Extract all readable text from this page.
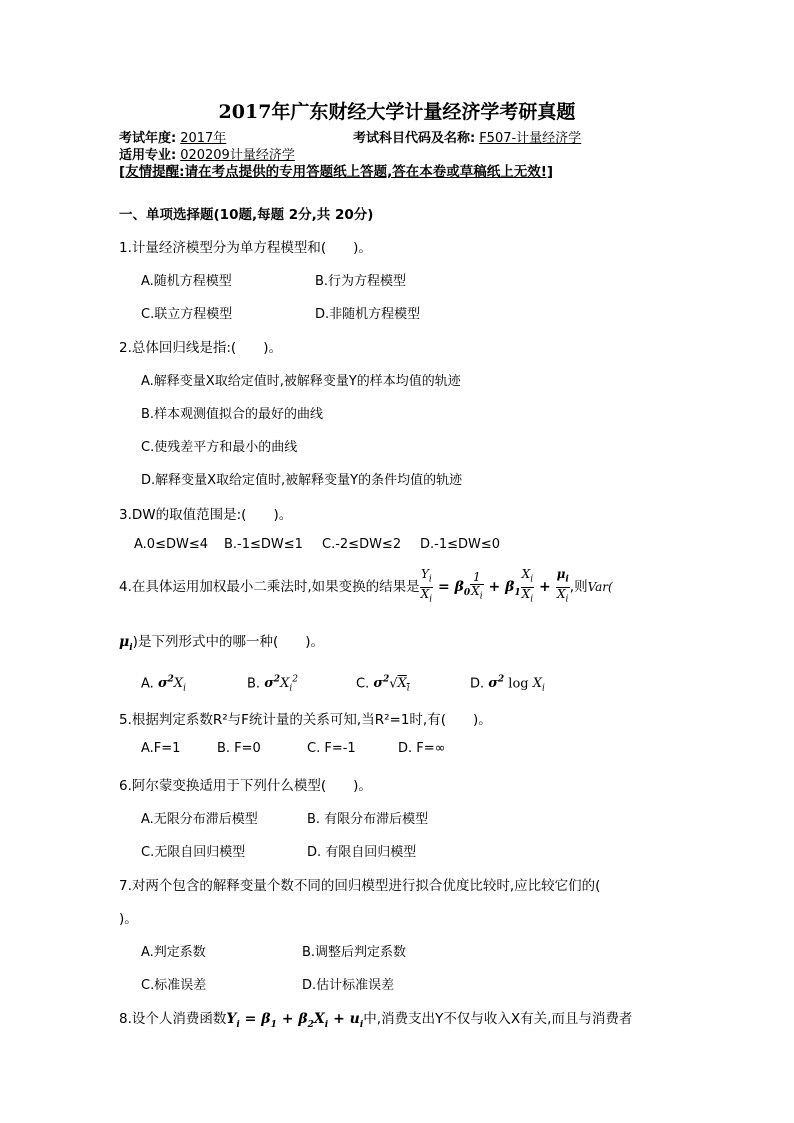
2017年广东财经大学计量经济学考研真题
考试年度: 2017年	考试科目代码及名称: F507-计量经济学
适用专业: 020209计量经济学
[友情提醒:请在考点提供的专用答题纸上答题,答在本卷或草稿纸上无效!]
一、单项选择题(10题,每题 2分,共 20分)
1.计量经济模型分为单方程模型和(　　)。
A.随机方程模型	B.行为方程模型
C.联立方程模型	D.非随机方程模型
2.总体回归线是指:(　　)。
A.解释变量X取给定值时,被解释变量Y的样本均值的轨迹
B.样本观测值拟合的最好的曲线
C.使残差平方和最小的曲线
D.解释变量X取给定值时,被解释变量Y的条件均值的轨迹
3.DW的取值范围是:(　　)。
A.0≤DW≤4 B.-1≤DW≤1 C.-2≤DW≤2 D.-1≤DW≤0
4.在具体运用加权最小二乘法时,如果变换的结果是 $\frac{Y_i}{X_i} = \beta_0 \frac{1}{X_i} + \beta_1 \frac{X_i}{X_i} + \frac{\mu_i}{X_i}$ ,则Var(
$\mu_i$)是下列形式中的哪一种(　　)。
A. $\sigma^2X_i$	B. $\sigma^2X_i^2$	C. $\sigma^2√X_i$	D. $\sigma^2$ $\log X_i$
5.根据判定系数R²与F统计量的关系可知,当R²=1时,有(　　)。
A.F=1	B. F=0	C. F=-1	D. F=∞
6.阿尔蒙变换适用于下列什么模型(　　)。
A.无限分布滞后模型	B. 有限分布滞后模型
C.无限自回归模型	D. 有限自回归模型
7.对两个包含的解释变量个数不同的回归模型进行拟合优度比较时,应比较它们的(
)。
A.判定系数	B.调整后判定系数
C.标准误差	D.估计标准误差
8.设个人消费函数$Y_i = \beta_1 + \beta_2X_i + u_i$中,消费支出Y不仅与收入X有关,而且与消费者
